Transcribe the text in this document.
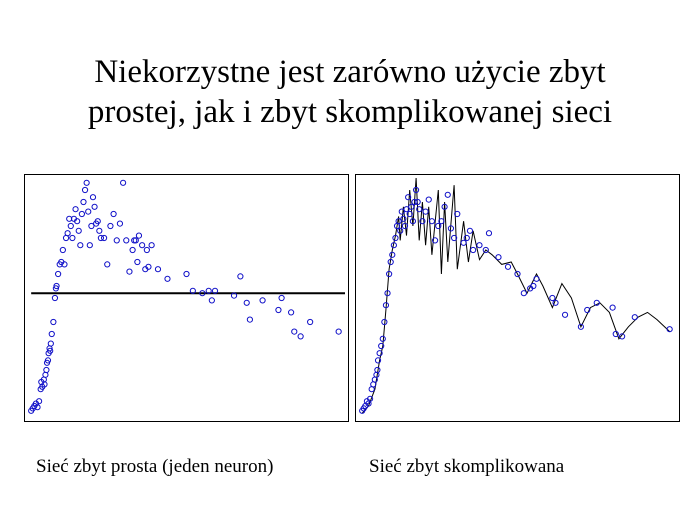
Niekorzystne jest zarówno użycie zbyt
prostej, jak i zbyt skomplikowanej sieci
Sieć zbyt prosta (jeden neuron)	Sieć zbyt skomplikowana
